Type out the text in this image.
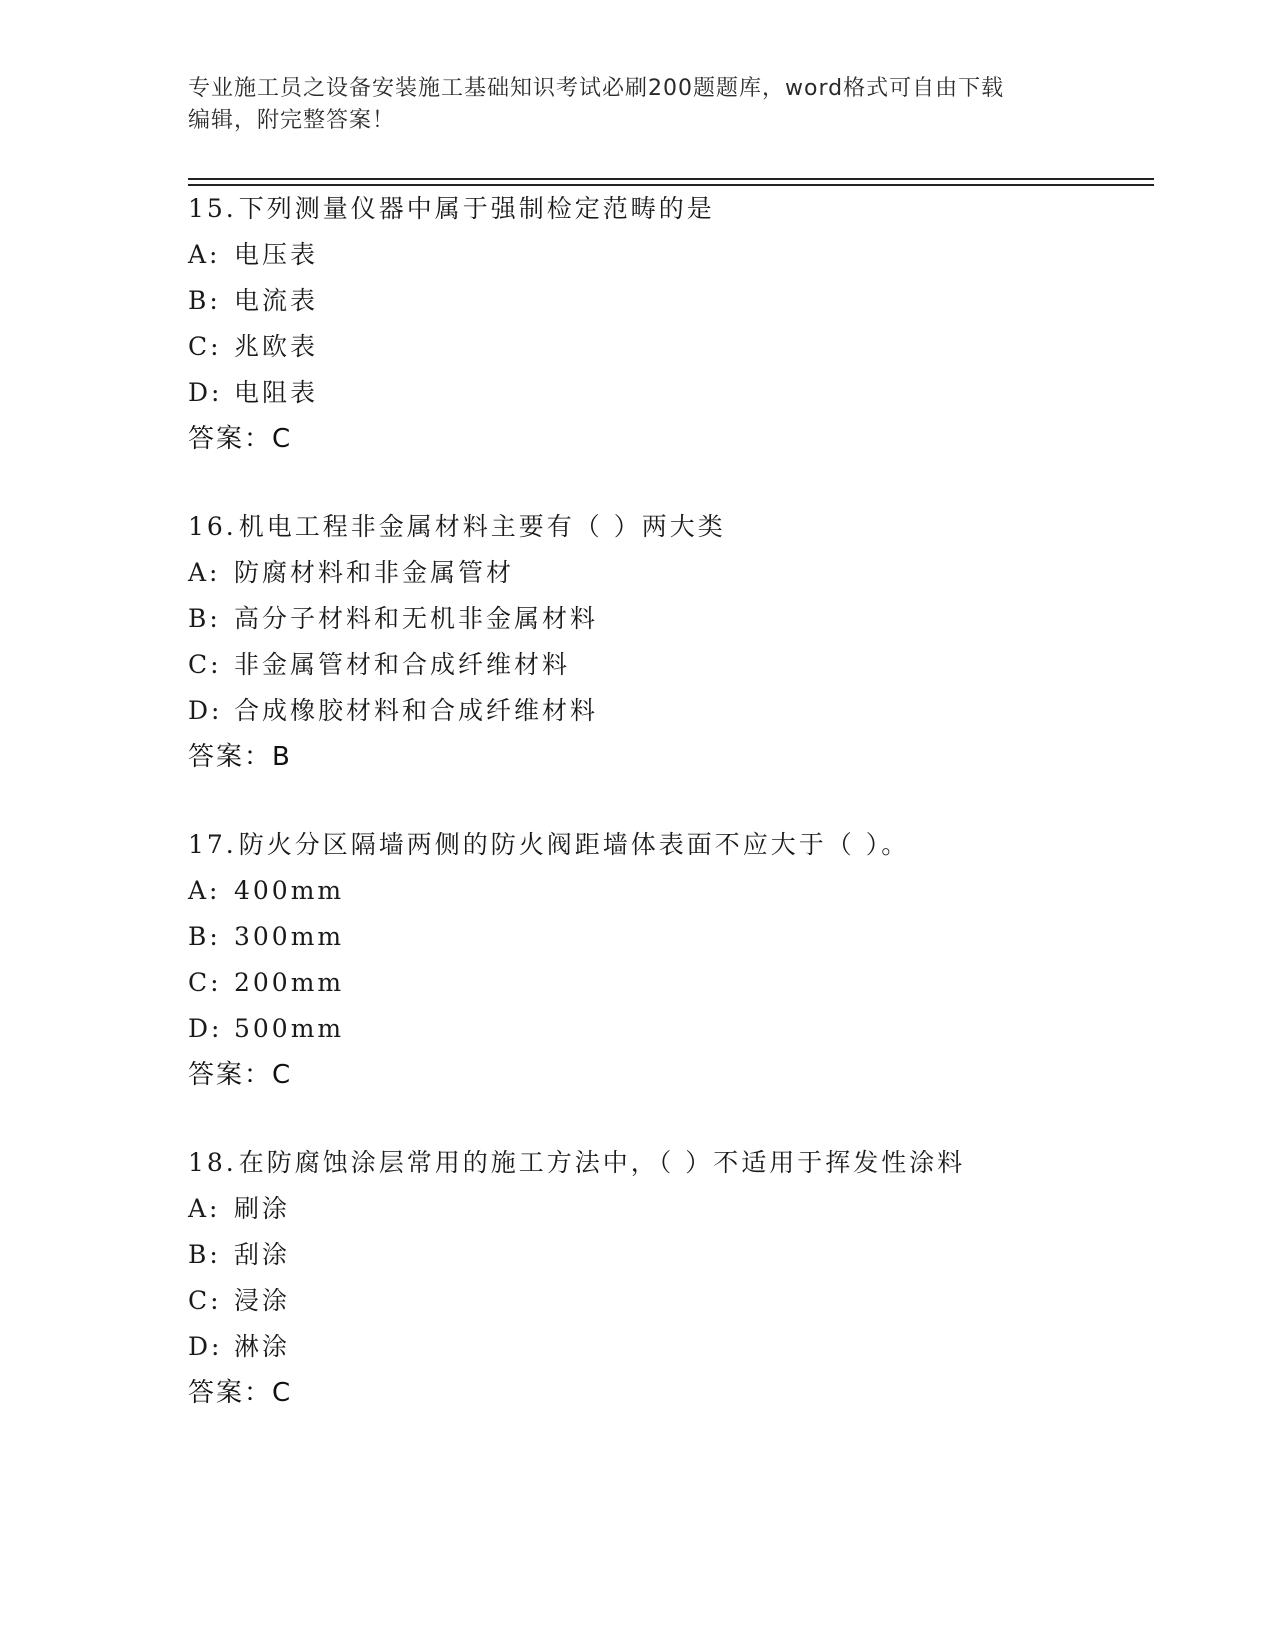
专业施工员之设备安装施工基础知识考试必刷200题题库，word格式可自由下载
编辑，附完整答案！
15.下列测量仪器中属于强制检定范畴的是
A: 电压表
B: 电流表
C: 兆欧表
D: 电阻表
答案：C
16.机电工程非金属材料主要有（ ）两大类
A: 防腐材料和非金属管材
B: 高分子材料和无机非金属材料
C: 非金属管材和合成纤维材料
D: 合成橡胶材料和合成纤维材料
答案：B
17.防火分区隔墙两侧的防火阀距墙体表面不应大于（ ）。
A: 400mm
B: 300mm
C: 200mm
D: 500mm
答案：C
18.在防腐蚀涂层常用的施工方法中，（ ）不适用于挥发性涂料
A: 刷涂
B: 刮涂
C: 浸涂
D: 淋涂
答案：C
